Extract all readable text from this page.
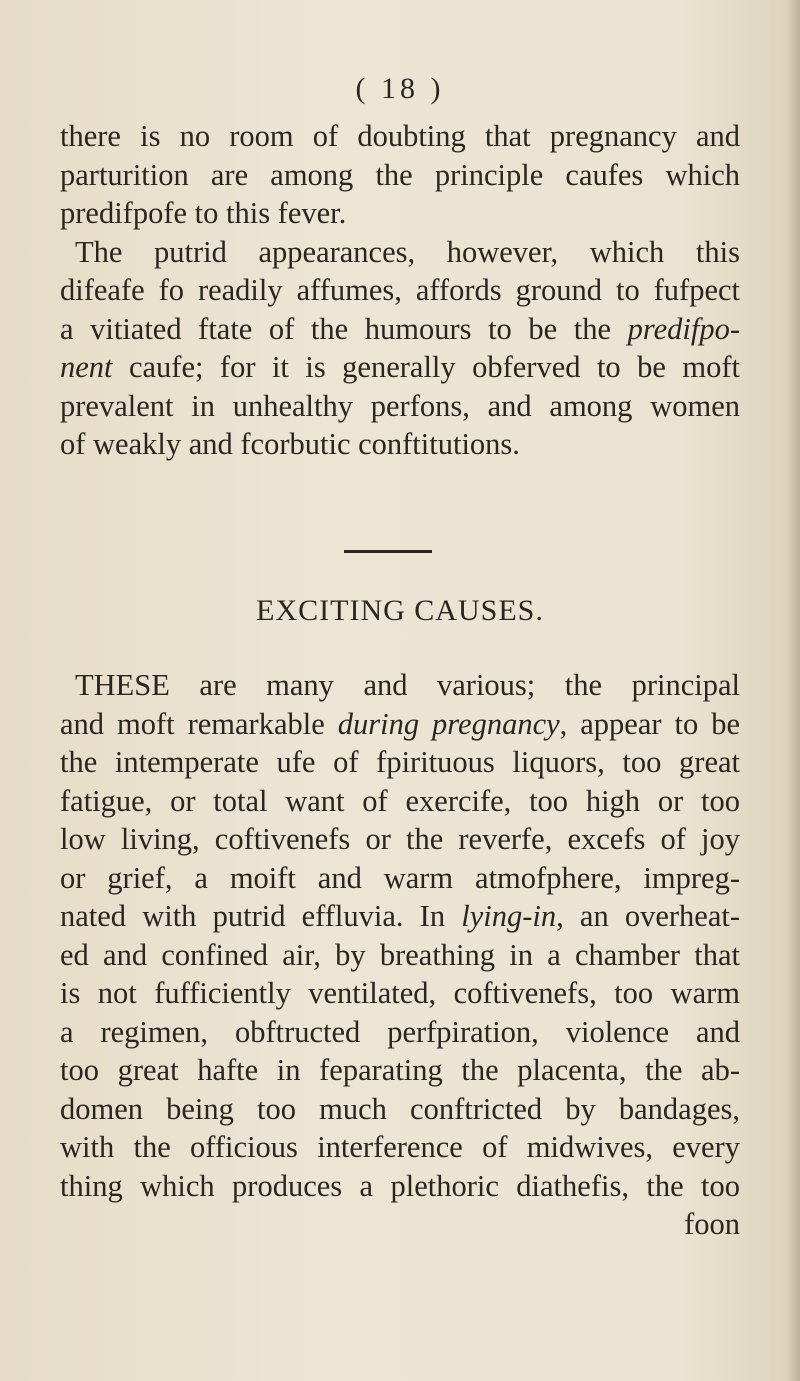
( 18 )
there is no room of doubting that pregnancy and
parturition are among the principle caufes which
predifpofe to this fever.
The putrid appearances, however, which this
difeafe fo readily affumes, affords ground to fufpect
a vitiated ftate of the humours to be the predifpo-
nent caufe; for it is generally obferved to be moft
prevalent in unhealthy perfons, and among women
of weakly and fcorbutic conftitutions.
EXCITING CAUSES.
THESE are many and various; the principal
and moft remarkable during pregnancy, appear to be
the intemperate ufe of fpirituous liquors, too great
fatigue, or total want of exercife, too high or too
low living, coftivenefs or the reverfe, excefs of joy
or grief, a moift and warm atmofphere, impreg-
nated with putrid effluvia. In lying-in, an overheat-
ed and confined air, by breathing in a chamber that
is not fufficiently ventilated, coftivenefs, too warm
a regimen, obftructed perfpiration, violence and
too great hafte in feparating the placenta, the ab-
domen being too much conftricted by bandages,
with the officious interference of midwives, every
thing which produces a plethoric diathefis, the too
foon
